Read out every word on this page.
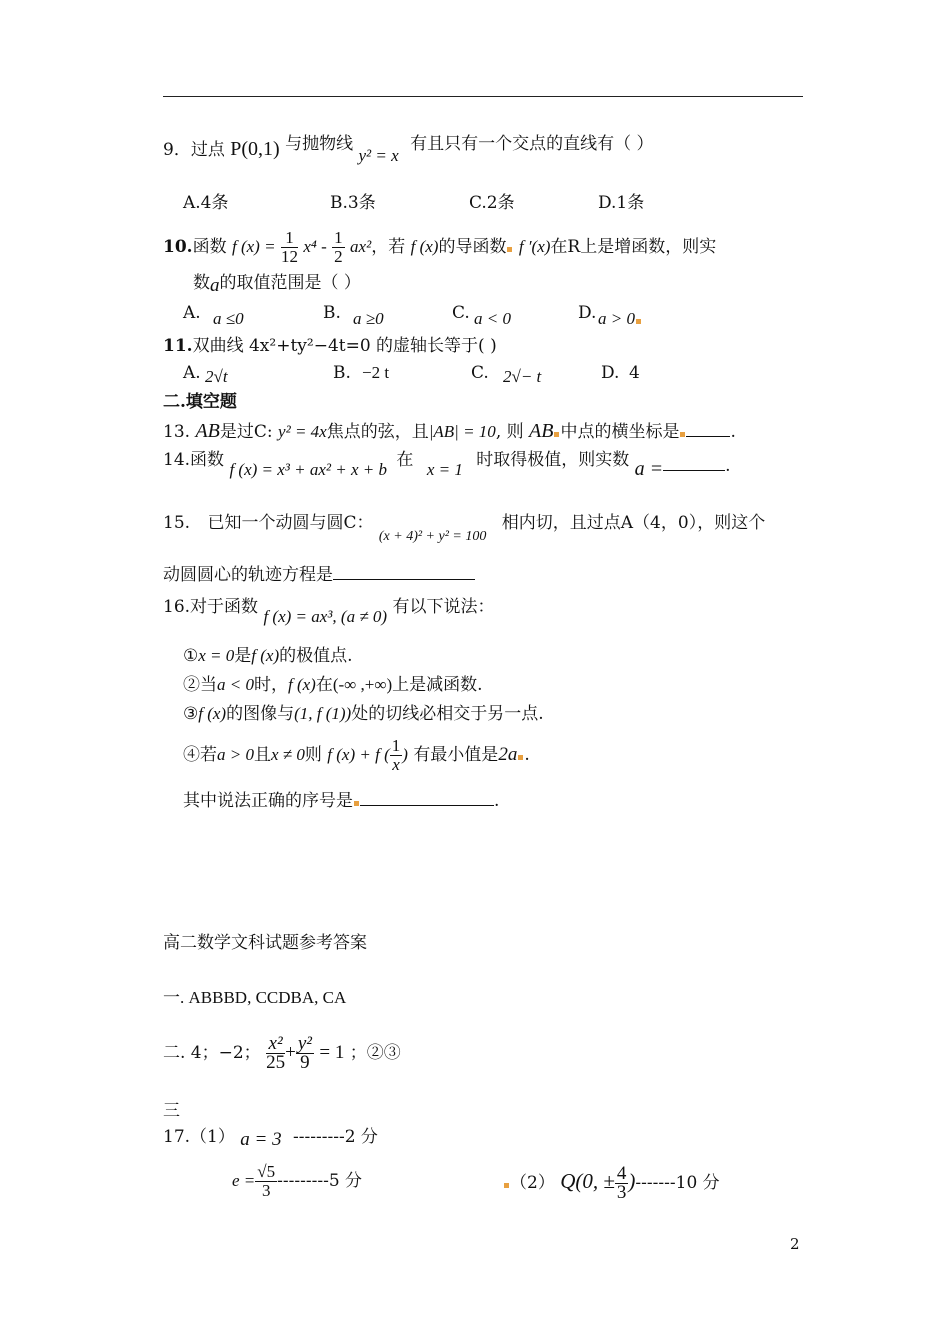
9．过点 P(0,1) 与抛物线 y² = x 有且只有一个交点的直线有（ ）
A.4条	B.3条	C.2条	D.1条
10.函数 f $(x) = \frac{1}{12} x^4 - \frac{1}{2} ax^2$，若 f (x)的导函数 f ′(x)在R上是增函数，则实
数a的取值范围是（ ）
A. a ≤0	B. a ≥0	C. a < 0	D. a > 0
11.双曲线 4x²+ty²−4t=0 的虚轴长等于( )
A. 2√t	B. −2 t	C. 2√− t	D. 4
二.填空题
13. AB是过C: y² = 4x焦点的弦，且|AB| = 10, 则 AB 中点的横坐标是	.
14.函数 f (x) = x³ + ax² + x + b 在 x = 1 时取得极值，则实数 a =	.
15. 已知一个动圆与圆C： $_{(x + 4)^2 + y^2 = 100}$ 相内切，且过点A（4，0），则这个
动圆圆心的轨迹方程是
16.对于函数 f (x) = ax³, (a ≠ 0) 有以下说法：
①x = 0是f (x)的极值点.
②当a < 0时，f (x)在(-∞ ,+∞)上是减函数.
③f (x)的图像与(1, f (1))处的切线必相交于另一点.
④若a > 0且x ≠ 0则 f (x) + f ( $\frac{1}{x}$ ) 有最小值是2a .
其中说法正确的序号是	.
高二数学文科试题参考答案
一. ABBBD, CCDBA, CA
二. 4；−2； $\frac{\text{x²}}{25} + \frac{\text{y²}}{9} = 1$ ；②③
三
17.（1） a = 3 ---------2 分
$e = \frac{√5}{3} ---------5$ 分	（2） Q(0, ± $\frac{4}{3} )-------10$ 分
2
